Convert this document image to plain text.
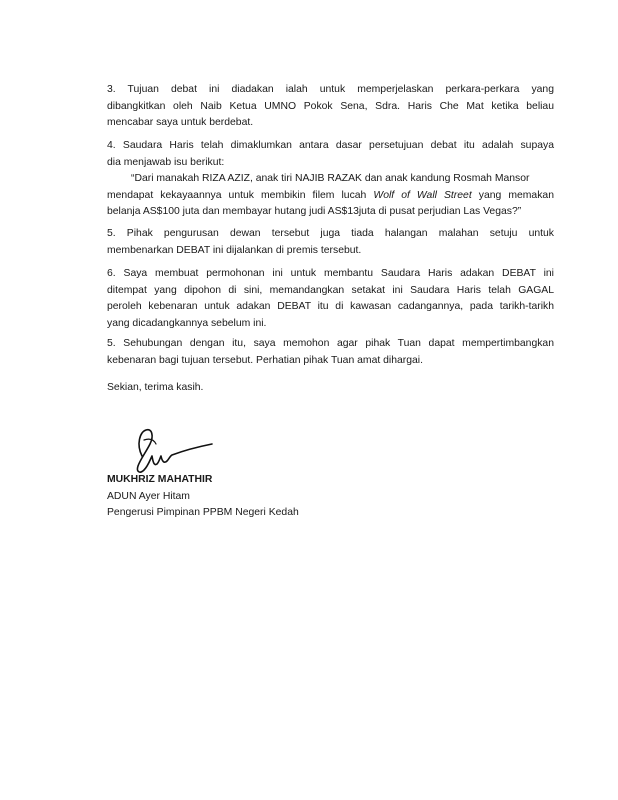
3. Tujuan debat ini diadakan ialah untuk memperjelaskan perkara-perkara yang
dibangkitkan oleh Naib Ketua UMNO Pokok Sena, Sdra. Haris Che Mat ketika beliau
mencabar saya untuk berdebat.
4. Saudara Haris telah dimaklumkan antara dasar persetujuan debat itu adalah supaya
dia menjawab isu berikut:
“Dari manakah RIZA AZIZ, anak tiri NAJIB RAZAK dan anak kandung Rosmah Mansor
mendapat kekayaannya untuk membikin filem lucah Wolf of Wall Street yang memakan
belanja AS$100 juta dan membayar hutang judi AS$13juta di pusat perjudian Las Vegas?”
5. Pihak pengurusan dewan tersebut juga tiada halangan malahan setuju untuk
membenarkan DEBAT ini dijalankan di premis tersebut.
6. Saya membuat permohonan ini untuk membantu Saudara Haris adakan DEBAT ini
ditempat yang dipohon di sini, memandangkan setakat ini Saudara Haris telah GAGAL
peroleh kebenaran untuk adakan DEBAT itu di kawasan cadangannya, pada tarikh-tarikh
yang dicadangkannya sebelum ini.
5. Sehubungan dengan itu, saya memohon agar pihak Tuan dapat mempertimbangkan
kebenaran bagi tujuan tersebut. Perhatian pihak Tuan amat dihargai.
Sekian, terima kasih.
MUKHRIZ MAHATHIR
ADUN Ayer Hitam
Pengerusi Pimpinan PPBM Negeri Kedah
